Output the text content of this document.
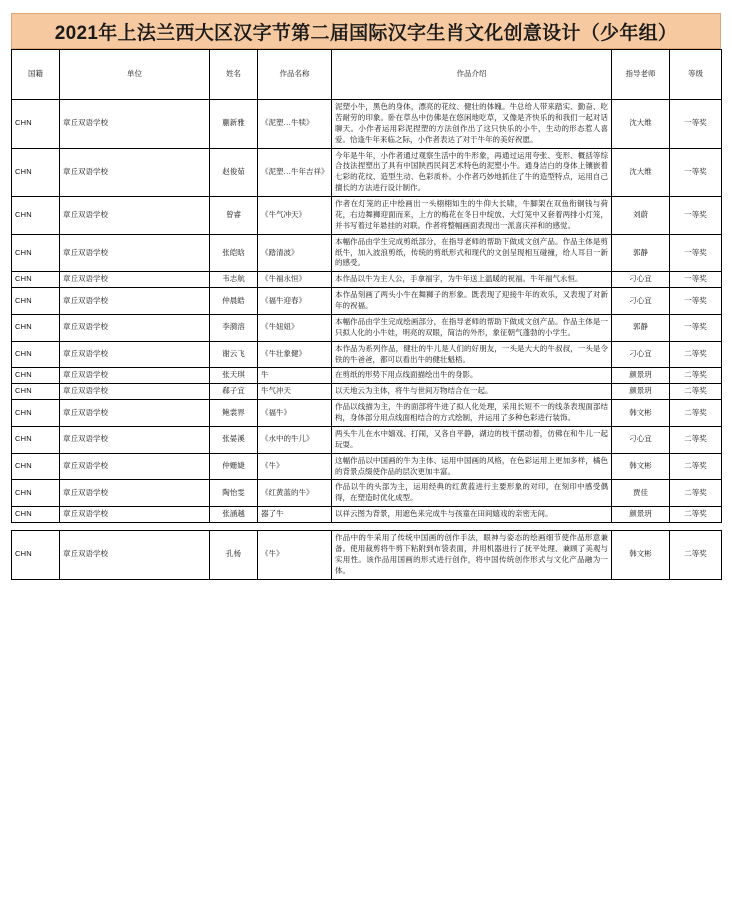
2021年上法兰西大区汉字节第二届国际汉字生肖文化创意设计（少年组）
国籍	单位	姓名	作品名称	作品介绍	指导老师	等级
CHN	章丘双语学校	蒯新雅	《泥塑…牛犊》	泥塑小牛，黑色的身体，漂亮的花纹、健壮的体魄。牛总给人带来踏实、勤奋、吃苦耐劳的印象。卧在草丛中仿佛是在悠闲地吃草，又像是齐快乐的和我们一起对话聊天。小作者运用彩泥捏塑的方法创作出了这只快乐的小牛，生动的形态惹人喜爱。恰逢牛年来临之际，小作者表达了对于牛年的美好祝愿。	沈大维	一等奖
CHN	章丘双语学校	赵俊茹	《泥塑…牛年吉祥》	今年是牛年，小作者通过观察生活中的牛形象，再通过运用夸张、变形、概括等综合技法捏塑出了具有中国陕西民间艺术特色的泥塑小牛。通身洁白的身体上镶嵌着七彩的花纹、造型生动、色彩质朴。小作者巧妙地抓住了牛的造型特点，运用自己擅长的方法进行设计制作。	沈大维	一等奖
CHN	章丘双语学校	曾睿	《牛气冲天》	作者在灯笼的正中绘画出一头栩栩如生的牛仰大长啸，牛脚架在双鱼衔铜钱与荷花，右边舞狮迎面而来，上方的梅花在冬日中绽放、大灯笼中又套着两排小灯笼，并书写着过年悬挂的对联。作者将整幅画面表现出一派喜庆祥和的感觉。	刘蔚	一等奖
CHN	章丘双语学校	张皑晗	《踏清波》	本幅作品由学生完成剪纸部分，在指导老师的帮助下做成文创产品。作品主体是剪纸牛，加入波浪剪纸，传统的剪纸形式和现代的文创呈现相互碰撞，给人耳目一新的感受。	郭静	一等奖
CHN	章丘双语学校	韦志航	《牛福永恒》	本作品以牛为主人公，手拿福字，为牛年送上温暖的祝福。牛年福气永恒。	刁心宜	一等奖
CHN	章丘双语学校	仲晨皓	《福牛迎春》	本作品刻画了两头小牛在舞狮子的形象。既表现了迎接牛年的欢乐，又表现了对新年的祝福。	刁心宜	一等奖
CHN	章丘双语学校	李漪溶	《牛妞妞》	本幅作品由学生完成绘画部分，在指导老师的帮助下做成文创产品。作品主体是一只拟人化的小牛娃，明亮的双眼，简洁的外形，象征朝气蓬勃的小学生。	郭静	一等奖
CHN	章丘双语学校	谢云飞	《牛壮象健》	本作品为系列作品，健壮的牛儿是人们的好朋友，一头是大大的牛叔叔，一头是令铁的牛爸爸，都可以看出牛的健壮魁梧。	刁心宜	二等奖
CHN	章丘双语学校	张天琪	牛	在剪纸的形势下用点线面描绘出牛的身影。	颜景玥	二等奖
CHN	章丘双语学校	郗子宜	牛气冲天	以天地云为主体，将牛与世间万物结合在一起。	颜景玥	二等奖
CHN	章丘双语学校	鲍裳界	《福牛》	作品以线描为主，牛的面部将牛进了拟人化处理，采用长短不一的线条表现面部结构，身体部分用点线面相结合的方式绘制，并运用了多种色彩进行装饰。	韩文彬	二等奖
CHN	章丘双语学校	张晏溪	《水中的牛儿》	两头牛儿在水中嬉戏、打闹，又各自平静，湖边的枝干摆动着，仿佛在和牛儿一起玩耍。	刁心宜	二等奖
CHN	章丘双语学校	仲姗婕	《牛》	这幅作品以中国画的牛为主体、运用中国画的风格，在色彩运用上更加多样，橘色的背景点缀使作品的层次更加丰富。	韩文彬	二等奖
CHN	章丘双语学校	陶怡雯	《红黄蓝的牛》	作品以牛的头部为主，运用经典的红黄蓝进行主要形象的对印，在刻印中感受偶得，在塑造时优化成型。	贾佳	二等奖
CHN	章丘双语学校	张涵越	器了牛	以祥云图为背景，用遮色来完成牛与孩童在田间嬉戏的亲密无间。	颜景玥	二等奖
CHN	章丘双语学校	孔杨	《牛》	作品中的牛采用了传统中国画的创作手法，眼神与姿态的绘画细节使作品形意兼备。使用裁剪将牛剪下粘附到布袋表面，并用机器进行了抚平处理、兼顾了美观与实用性。该作品用国画的形式进行创作，将中国传统创作形式与文化产品融为一体。	韩文彬	二等奖
